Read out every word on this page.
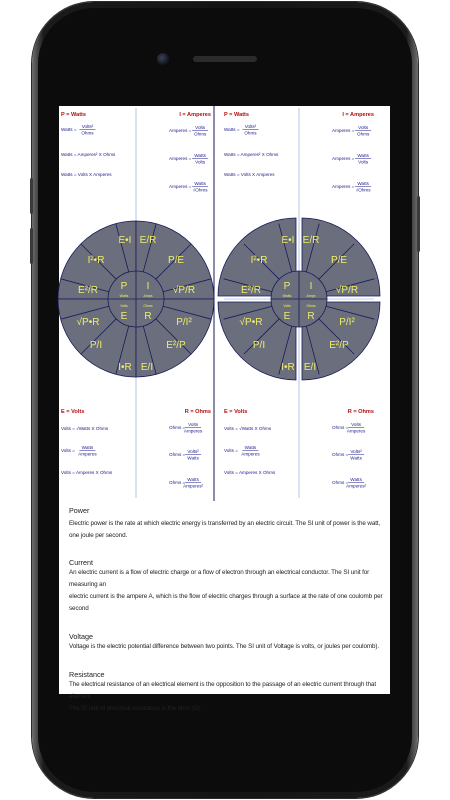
P = Watts	I = Amperes
E = Volts	R = Ohms
Watts =
Volts²
Ohms
Watts = Amperes² X Ohms
Watts = Volts X Amperes
Amperes =
Volts
Ohms
Amperes =
Watts
Volts
Amperes =
Watts
√Ohms
Volts = √Watts X Ohms
Volts =
Watts
Amperes
Volts = Amperes X Ohms
Ohms =
Volts
Amperes
Ohms =
Volts²
Watts
Ohms =
Watts
Amperes²
E•I E/R
P/E
I²•R
E²/R	√P/R
√P•R
P/I
I•R E/I
E²/P
P/I²
P
Watts
I
Amps
E
Volts
R
Ohms
P = Watts	I = Amperes
E = Volts	R = Ohms
Watts =
Volts²
Ohms
Watts = Amperes² X Ohms
Watts = Volts X Amperes
Amperes =
Volts
Ohms
Amperes =
Watts
Volts
Amperes =
Watts
√Ohms
Volts = √Watts X Ohms
Volts =
Watts
Amperes
Volts = Amperes X Ohms
Ohms =
Volts
Amperes
Ohms =
Volts²
Watts
Ohms =
Watts
Amperes²
E•I E/R
P/E
I²•R
E²/R	√P/R
√P•R
P/I
I•R E/I
E²/P
P/I²
P
Watts
I
Amps
E
Volts
R
Ohms

Power

Electric power is the rate at which electric energy is transferred by an electric circuit. The SI unit of power is the watt, one joule per second.

Current

An electric current is a flow of electric charge or a flow of electron through an electrical conductor. The SI unit for measuring an

electric current is the ampere A, which is the flow of electric charges through a surface at the rate of one coulomb per second

Voltage

Voltage is the electric potential difference between two points. The SI unit of Voltage is volts, or joules per coulomb).

Resistance

The electrical resistance of an electrical element is the opposition to the passage of an electric current through that element

The SI unit of electrical resistance is the ohm (Ω).
